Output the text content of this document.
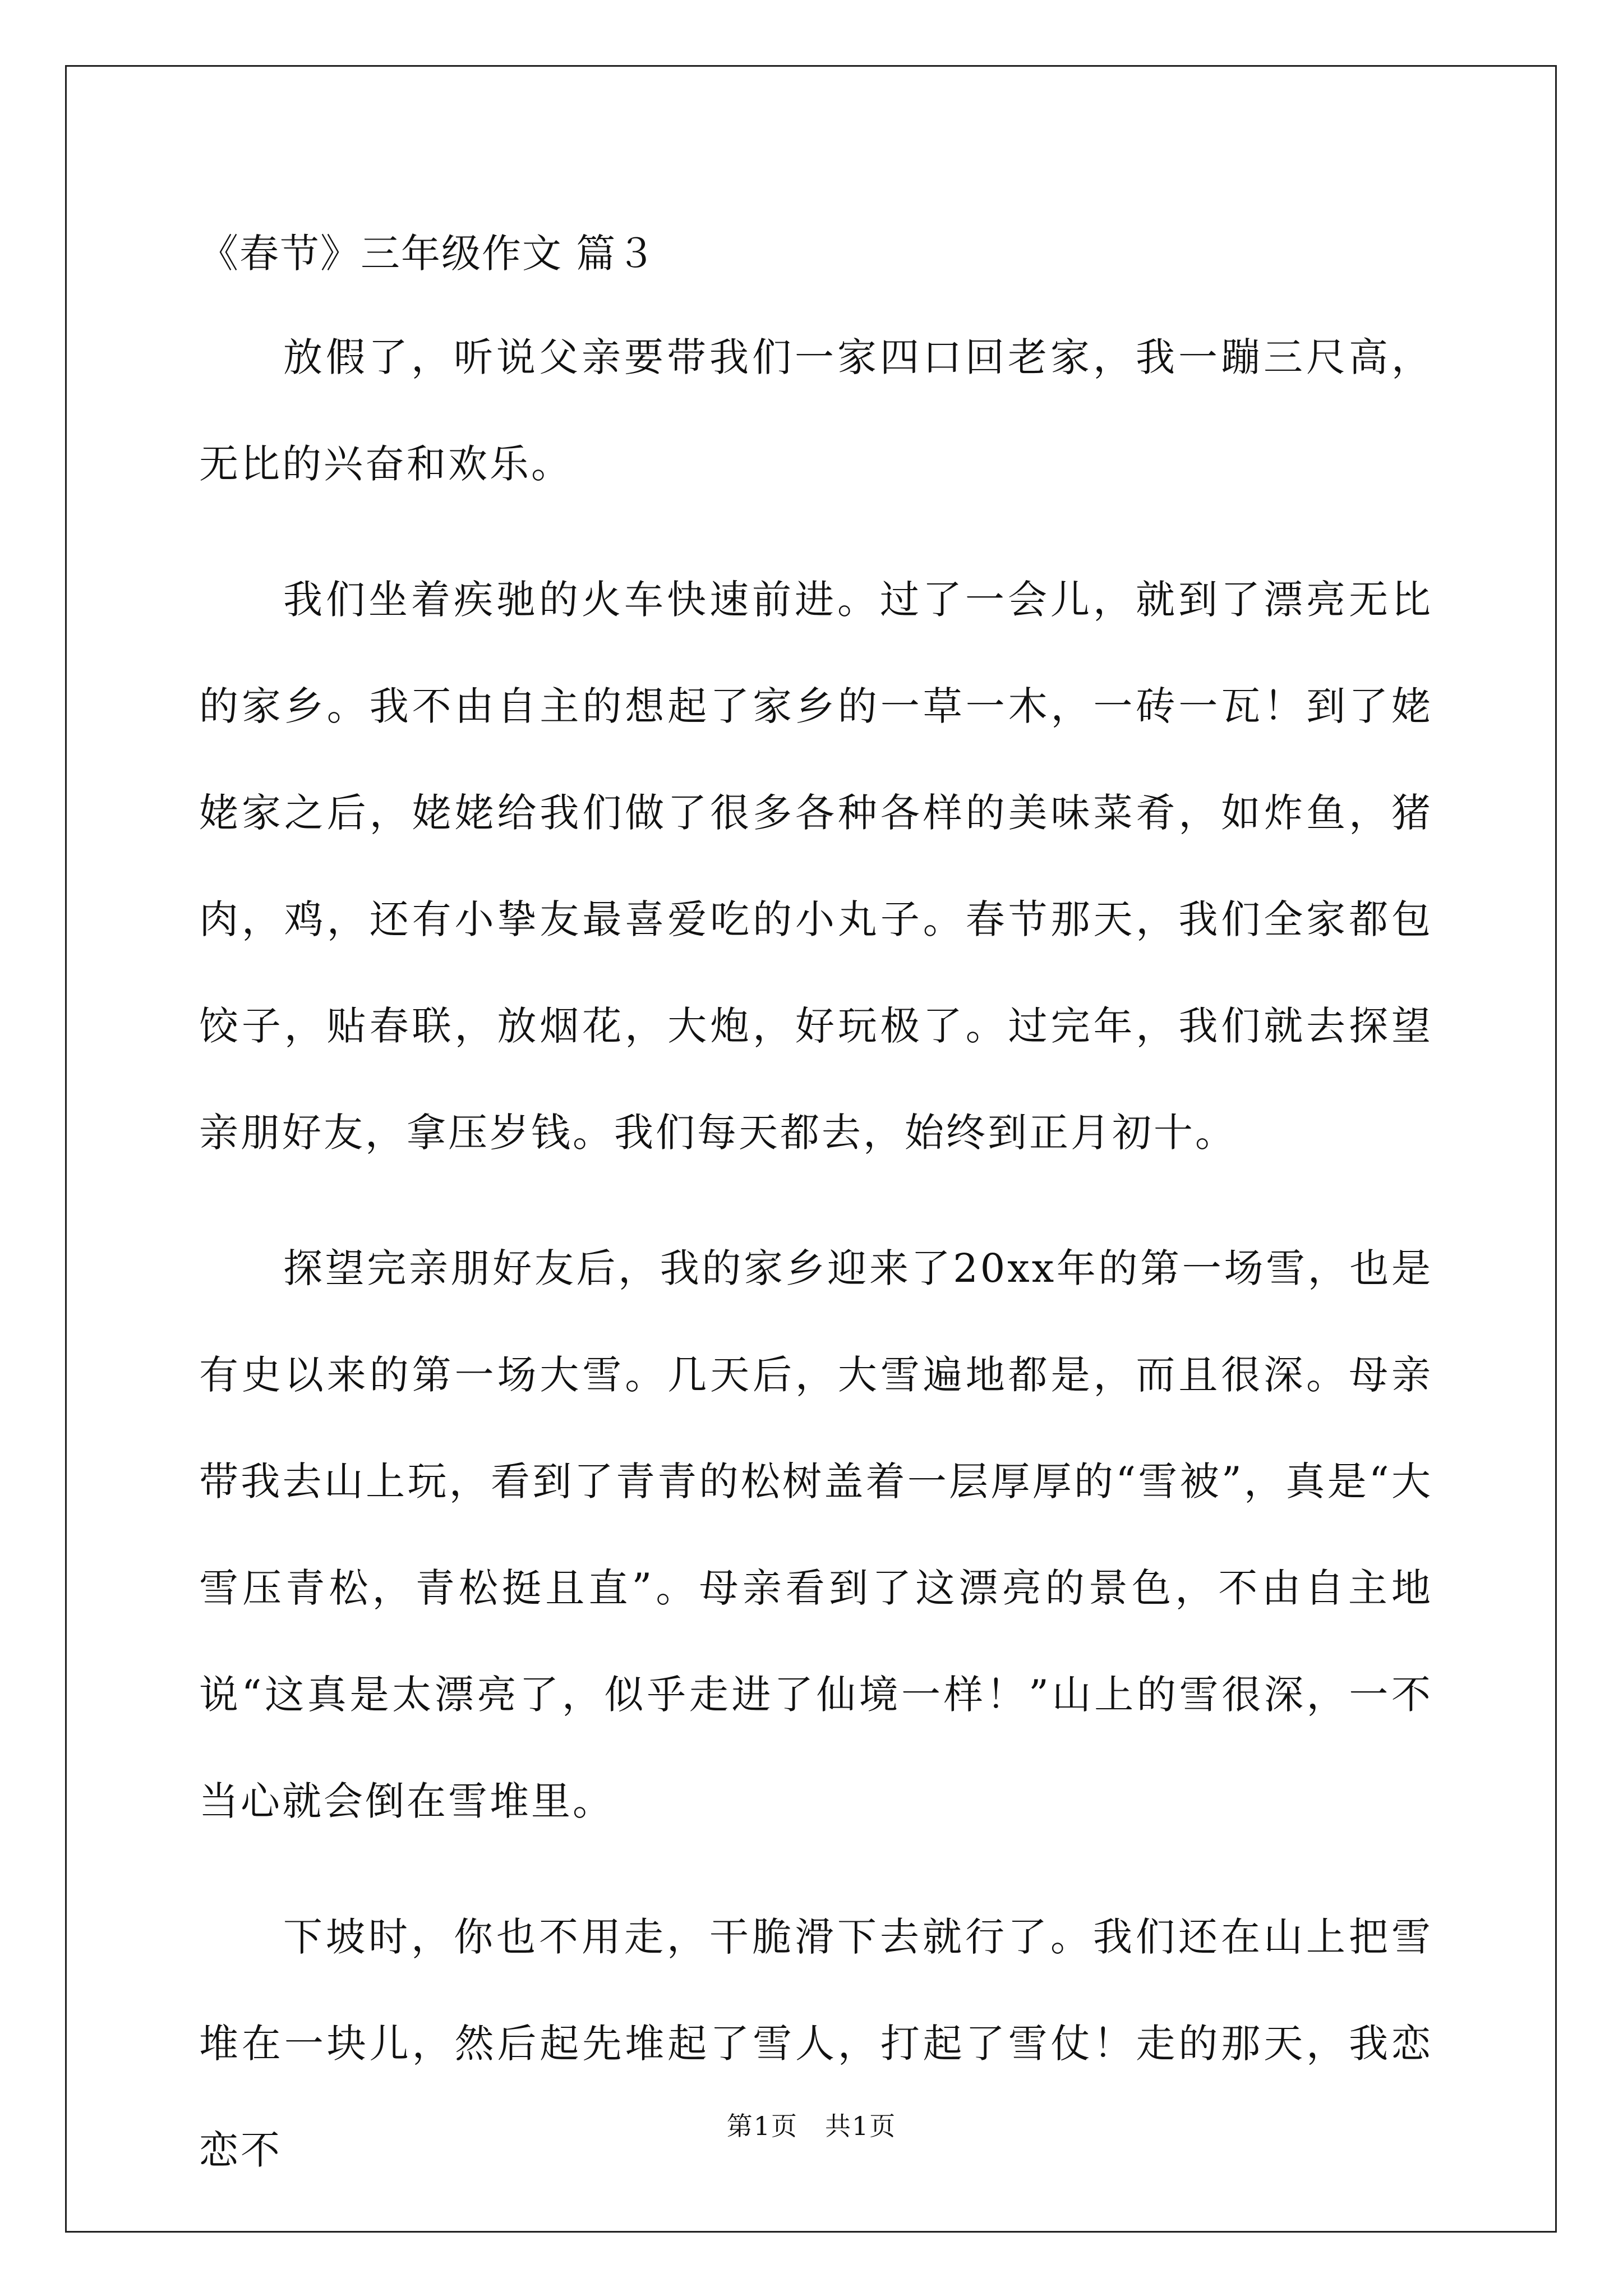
《春节》三年级作文 篇３

放假了，听说父亲要带我们一家四口回老家，我一蹦三尺高，无比的兴奋和欢乐。

我们坐着疾驰的火车快速前进。过了一会儿，就到了漂亮无比的家乡。我不由自主的想起了家乡的一草一木，一砖一瓦！到了姥姥家之后，姥姥给我们做了很多各种各样的美味菜肴，如炸鱼，猪肉，鸡，还有小挚友最喜爱吃的小丸子。春节那天，我们全家都包饺子，贴春联，放烟花，大炮，好玩极了。过完年，我们就去探望亲朋好友，拿压岁钱。我们每天都去，始终到正月初十。

探望完亲朋好友后，我的家乡迎来了20xx年的第一场雪，也是有史以来的第一场大雪。几天后，大雪遍地都是，而且很深。母亲带我去山上玩，看到了青青的松树盖着一层厚厚的“雪被”，真是“大雪压青松，青松挺且直”。母亲看到了这漂亮的景色，不由自主地说“这真是太漂亮了，似乎走进了仙境一样！”山上的雪很深，一不当心就会倒在雪堆里。

下坡时，你也不用走，干脆滑下去就行了。我们还在山上把雪堆在一块儿，然后起先堆起了雪人，打起了雪仗！走的那天，我恋恋不

第1页　共1页
